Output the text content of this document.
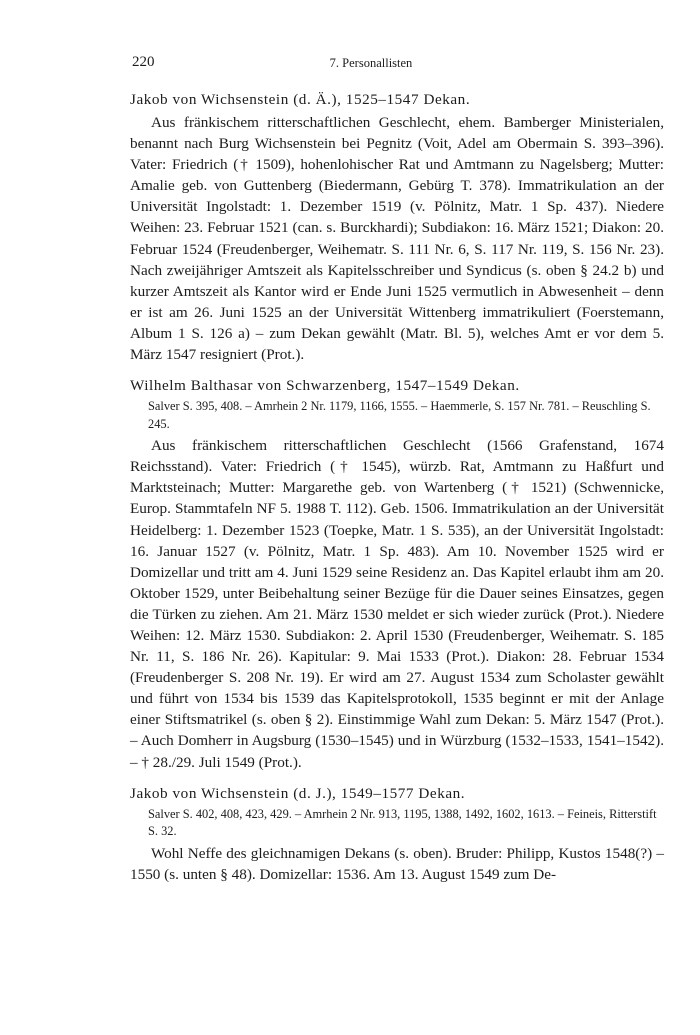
220	7. Personallisten

Jakob von Wichsenstein (d. Ä.), 1525–1547 Dekan.

Aus fränkischem ritterschaftlichen Geschlecht, ehem. Bamberger Ministerialen, benannt nach Burg Wichsenstein bei Pegnitz (Voit, Adel am Obermain S. 393–396). Vater: Friedrich († 1509), hohenlohischer Rat und Amtmann zu Nagelsberg; Mutter: Amalie geb. von Guttenberg (Biedermann, Gebürg T. 378). Immatrikulation an der Universität Ingolstadt: 1. Dezember 1519 (v. Pölnitz, Matr. 1 Sp. 437). Niedere Weihen: 23. Februar 1521 (can. s. Burckhardi); Subdiakon: 16. März 1521; Diakon: 20. Februar 1524 (Freudenberger, Weihematr. S. 111 Nr. 6, S. 117 Nr. 119, S. 156 Nr. 23). Nach zweijähriger Amtszeit als Kapitelsschreiber und Syndicus (s. oben § 24.2 b) und kurzer Amtszeit als Kantor wird er Ende Juni 1525 vermutlich in Abwesenheit – denn er ist am 26. Juni 1525 an der Universität Wittenberg immatrikuliert (Foerstemann, Album 1 S. 126 a) – zum Dekan gewählt (Matr. Bl. 5), welches Amt er vor dem 5. März 1547 resigniert (Prot.).

Wilhelm Balthasar von Schwarzenberg, 1547–1549 Dekan.

Salver S. 395, 408. – Amrhein 2 Nr. 1179, 1166, 1555. – Haemmerle, S. 157 Nr. 781. – Reuschling S. 245.

Aus fränkischem ritterschaftlichen Geschlecht (1566 Grafenstand, 1674 Reichsstand). Vater: Friedrich († 1545), würzb. Rat, Amtmann zu Haßfurt und Marktsteinach; Mutter: Margarethe geb. von Wartenberg († 1521) (Schwennicke, Europ. Stammtafeln NF 5. 1988 T. 112). Geb. 1506. Immatrikulation an der Universität Heidelberg: 1. Dezember 1523 (Toepke, Matr. 1 S. 535), an der Universität Ingolstadt: 16. Januar 1527 (v. Pölnitz, Matr. 1 Sp. 483). Am 10. November 1525 wird er Domizellar und tritt am 4. Juni 1529 seine Residenz an. Das Kapitel erlaubt ihm am 20. Oktober 1529, unter Beibehaltung seiner Bezüge für die Dauer seines Einsatzes, gegen die Türken zu ziehen. Am 21. März 1530 meldet er sich wieder zurück (Prot.). Niedere Weihen: 12. März 1530. Subdiakon: 2. April 1530 (Freudenberger, Weihematr. S. 185 Nr. 11, S. 186 Nr. 26). Kapitular: 9. Mai 1533 (Prot.). Diakon: 28. Februar 1534 (Freudenberger S. 208 Nr. 19). Er wird am 27. August 1534 zum Scholaster gewählt und führt von 1534 bis 1539 das Kapitelsprotokoll, 1535 beginnt er mit der Anlage einer Stiftsmatrikel (s. oben § 2). Einstimmige Wahl zum Dekan: 5. März 1547 (Prot.). – Auch Domherr in Augsburg (1530–1545) und in Würzburg (1532–1533, 1541–1542). – † 28./29. Juli 1549 (Prot.).

Jakob von Wichsenstein (d. J.), 1549–1577 Dekan.

Salver S. 402, 408, 423, 429. – Amrhein 2 Nr. 913, 1195, 1388, 1492, 1602, 1613. – Feineis, Ritterstift S. 32.

Wohl Neffe des gleichnamigen Dekans (s. oben). Bruder: Philipp, Kustos 1548(?) – 1550 (s. unten § 48). Domizellar: 1536. Am 13. August 1549 zum De-
